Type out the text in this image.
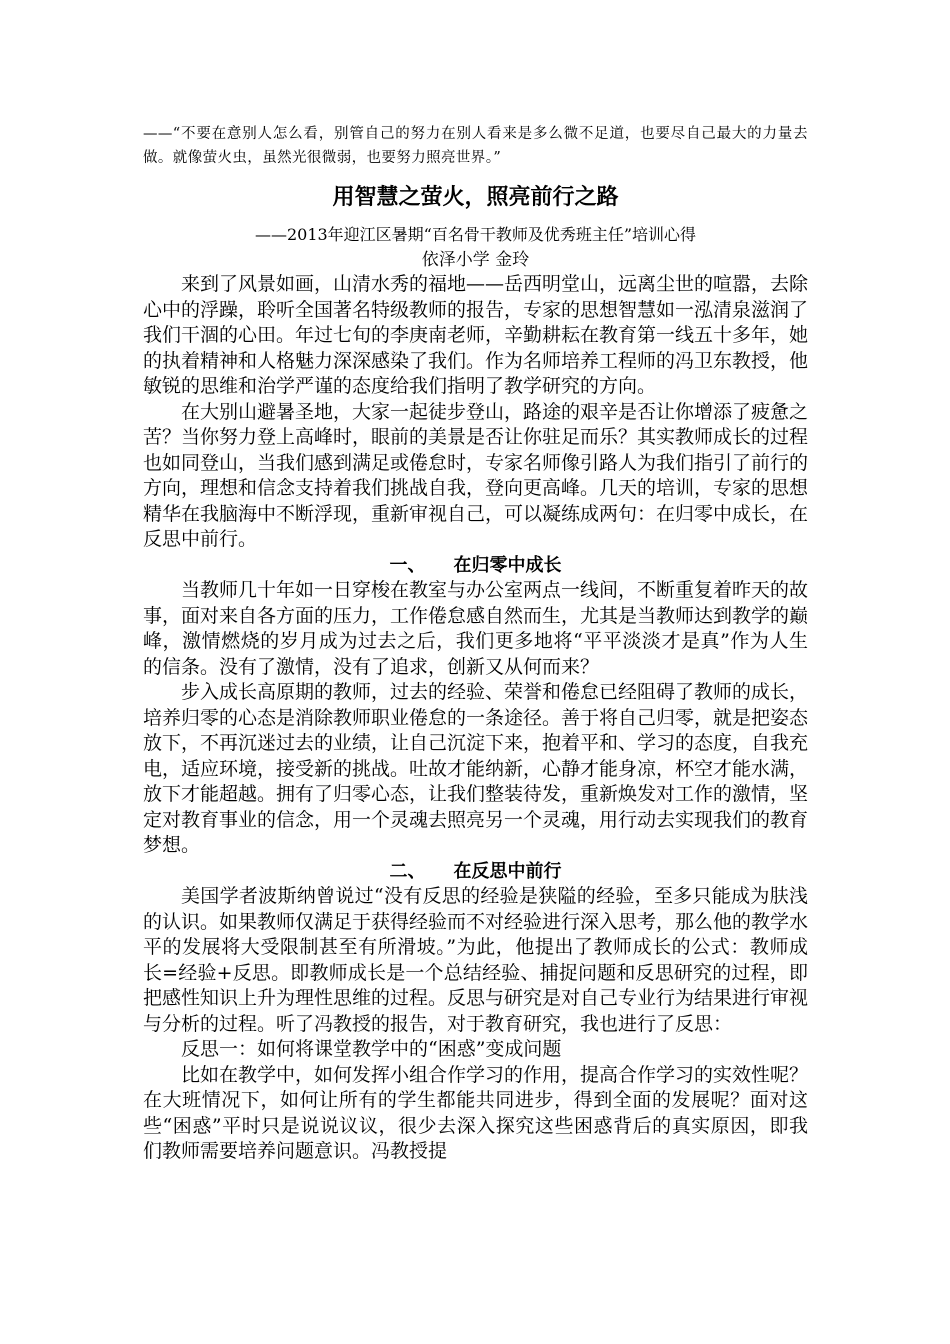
——“不要在意别人怎么看，别管自己的努力在别人看来是多么微不足道，也要尽自己最大的力量去做。就像萤火虫，虽然光很微弱，也要努力照亮世界。”

用智慧之萤火，照亮前行之路

——2013年迎江区暑期“百名骨干教师及优秀班主任”培训心得

依泽小学 金玲

来到了风景如画，山清水秀的福地——岳西明堂山，远离尘世的喧嚣，去除心中的浮躁，聆听全国著名特级教师的报告，专家的思想智慧如一泓清泉滋润了我们干涸的心田。年过七旬的李庚南老师，辛勤耕耘在教育第一线五十多年，她的执着精神和人格魅力深深感染了我们。作为名师培养工程师的冯卫东教授，他敏锐的思维和治学严谨的态度给我们指明了教学研究的方向。

在大别山避暑圣地，大家一起徒步登山，路途的艰辛是否让你增添了疲惫之苦？当你努力登上高峰时，眼前的美景是否让你驻足而乐？其实教师成长的过程也如同登山，当我们感到满足或倦怠时，专家名师像引路人为我们指引了前行的方向，理想和信念支持着我们挑战自我，登向更高峰。几天的培训，专家的思想精华在我脑海中不断浮现，重新审视自己，可以凝练成两句：在归零中成长，在反思中前行。

一、 在归零中成长

当教师几十年如一日穿梭在教室与办公室两点一线间，不断重复着昨天的故事，面对来自各方面的压力，工作倦怠感自然而生，尤其是当教师达到教学的巅峰，激情燃烧的岁月成为过去之后，我们更多地将“平平淡淡才是真”作为人生的信条。没有了激情，没有了追求，创新又从何而来？

步入成长高原期的教师，过去的经验、荣誉和倦怠已经阻碍了教师的成长，培养归零的心态是消除教师职业倦怠的一条途径。善于将自己归零，就是把姿态放下，不再沉迷过去的业绩，让自己沉淀下来，抱着平和、学习的态度，自我充电，适应环境，接受新的挑战。吐故才能纳新，心静才能身凉，杯空才能水满，放下才能超越。拥有了归零心态，让我们整装待发，重新焕发对工作的激情，坚定对教育事业的信念，用一个灵魂去照亮另一个灵魂，用行动去实现我们的教育梦想。

二、 在反思中前行

美国学者波斯纳曾说过“没有反思的经验是狭隘的经验，至多只能成为肤浅的认识。如果教师仅满足于获得经验而不对经验进行深入思考，那么他的教学水平的发展将大受限制甚至有所滑坡。”为此，他提出了教师成长的公式：教师成长=经验+反思。即教师成长是一个总结经验、捕捉问题和反思研究的过程，即把感性知识上升为理性思维的过程。反思与研究是对自己专业行为结果进行审视与分析的过程。听了冯教授的报告，对于教育研究，我也进行了反思：

反思一：如何将课堂教学中的“困惑”变成问题

比如在教学中，如何发挥小组合作学习的作用，提高合作学习的实效性呢？在大班情况下，如何让所有的学生都能共同进步，得到全面的发展呢？面对这些“困惑”平时只是说说议议，很少去深入探究这些困惑背后的真实原因，即我们教师需要培养问题意识。冯教授提
